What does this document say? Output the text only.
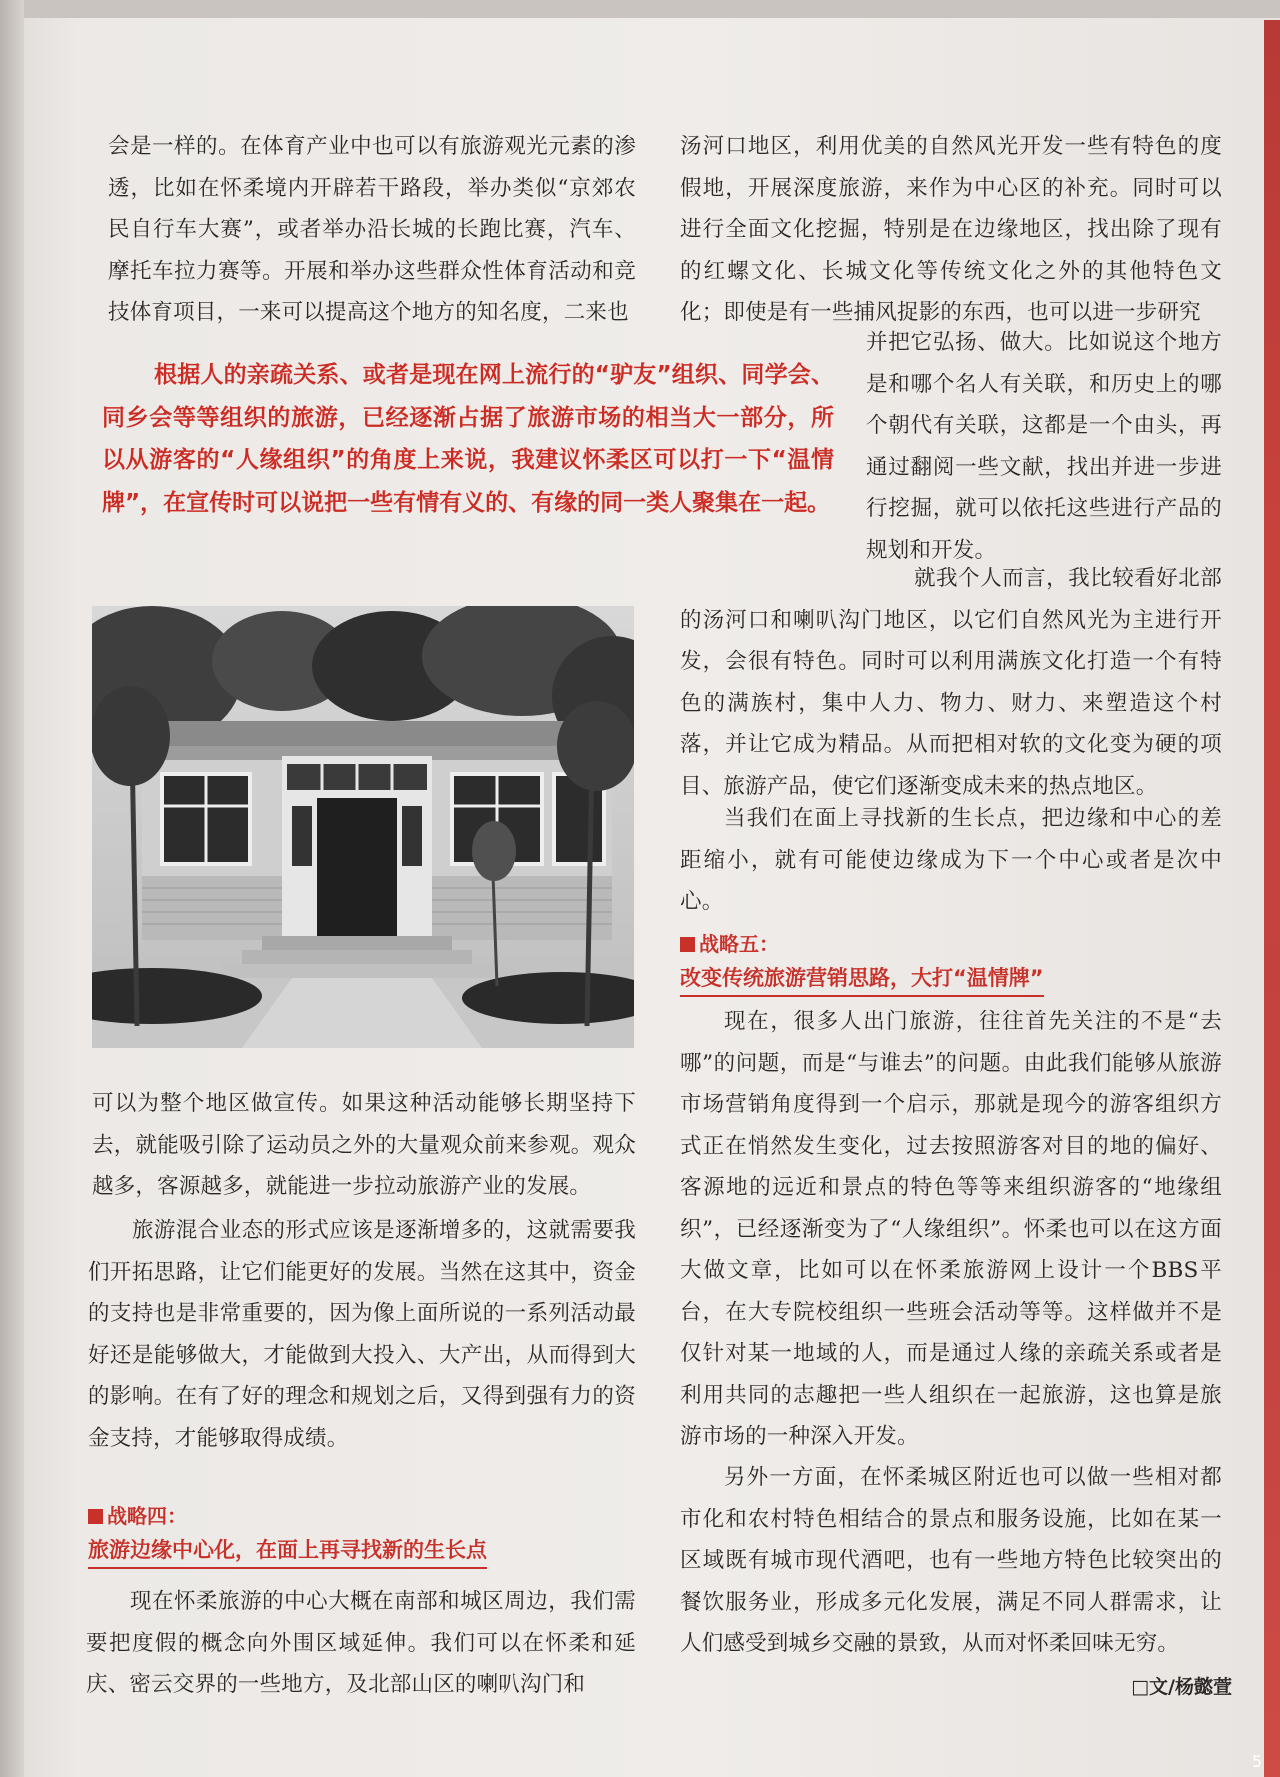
会是一样的。在体育产业中也可以有旅游观光元素的渗透，比如在怀柔境内开辟若干路段，举办类似“京郊农民自行车大赛”，或者举办沿长城的长跑比赛，汽车、摩托车拉力赛等。开展和举办这些群众性体育活动和竞技体育项目，一来可以提高这个地方的知名度，二来也

根据人的亲疏关系、或者是现在网上流行的“驴友”组织、同学会、同乡会等等组织的旅游，已经逐渐占据了旅游市场的相当大一部分，所以从游客的“人缘组织”的角度上来说，我建议怀柔区可以打一下“温情牌”，在宣传时可以说把一些有情有义的、有缘的同一类人聚集在一起。

可以为整个地区做宣传。如果这种活动能够长期坚持下去，就能吸引除了运动员之外的大量观众前来参观。观众越多，客源越多，就能进一步拉动旅游产业的发展。

旅游混合业态的形式应该是逐渐增多的，这就需要我们开拓思路，让它们能更好的发展。当然在这其中，资金的支持也是非常重要的，因为像上面所说的一系列活动最好还是能够做大，才能做到大投入、大产出，从而得到大的影响。在有了好的理念和规划之后，又得到强有力的资金支持，才能够取得成绩。

战略四：

旅游边缘中心化，在面上再寻找新的生长点

现在怀柔旅游的中心大概在南部和城区周边，我们需要把度假的概念向外围区域延伸。我们可以在怀柔和延庆、密云交界的一些地方，及北部山区的喇叭沟门和

汤河口地区，利用优美的自然风光开发一些有特色的度假地，开展深度旅游，来作为中心区的补充。同时可以进行全面文化挖掘，特别是在边缘地区，找出除了现有的红螺文化、长城文化等传统文化之外的其他特色文化；即使是有一些捕风捉影的东西，也可以进一步研究

并把它弘扬、做大。比如说这个地方是和哪个名人有关联，和历史上的哪个朝代有关联，这都是一个由头，再通过翻阅一些文献，找出并进一步进行挖掘，就可以依托这些进行产品的规划和开发。

就我个人而言，我比较看好北部的汤河口和喇叭沟门地区，以它们自然风光为主进行开发，会很有特色。同时可以利用满族文化打造一个有特色的满族村，集中人力、物力、财力、来塑造这个村落，并让它成为精品。从而把相对软的文化变为硬的项目、旅游产品，使它们逐渐变成未来的热点地区。

当我们在面上寻找新的生长点，把边缘和中心的差距缩小，就有可能使边缘成为下一个中心或者是次中心。

战略五：

改变传统旅游营销思路，大打“温情牌”

现在，很多人出门旅游，往往首先关注的不是“去哪”的问题，而是“与谁去”的问题。由此我们能够从旅游市场营销角度得到一个启示，那就是现今的游客组织方式正在悄然发生变化，过去按照游客对目的地的偏好、客源地的远近和景点的特色等等来组织游客的“地缘组织”，已经逐渐变为了“人缘组织”。怀柔也可以在这方面大做文章，比如可以在怀柔旅游网上设计一个BBS平台，在大专院校组织一些班会活动等等。这样做并不是仅针对某一地域的人，而是通过人缘的亲疏关系或者是利用共同的志趣把一些人组织在一起旅游，这也算是旅游市场的一种深入开发。

另外一方面，在怀柔城区附近也可以做一些相对都市化和农村特色相结合的景点和服务设施，比如在某一区域既有城市现代酒吧，也有一些地方特色比较突出的餐饮服务业，形成多元化发展，满足不同人群需求，让人们感受到城乡交融的景致，从而对怀柔回味无穷。

□文/杨懿萱

5
